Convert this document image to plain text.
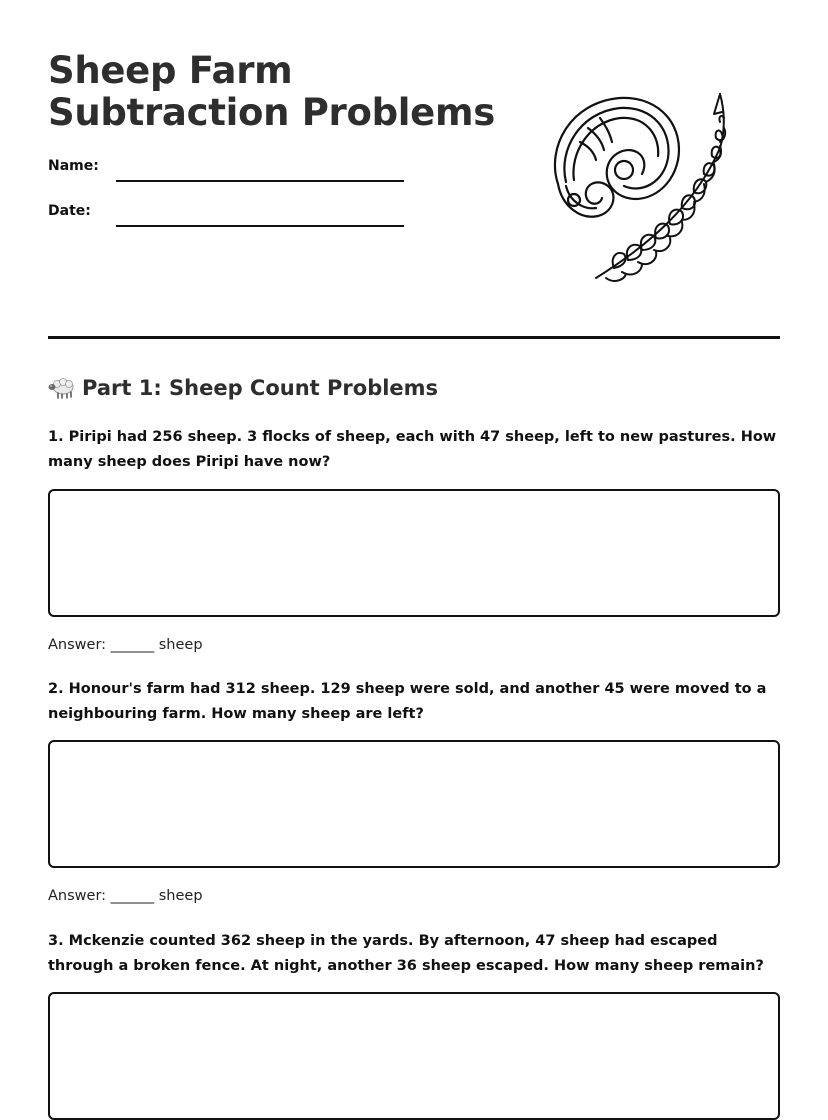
Sheep Farm Subtraction Problems
Name:
Date:
Part 1: Sheep Count Problems

1. Piripi had 256 sheep. 3 flocks of sheep, each with 47 sheep, left to new pastures. How many sheep does Piripi have now?

Answer: ______ sheep

2. Honour's farm had 312 sheep. 129 sheep were sold, and another 45 were moved to a neighbouring farm. How many sheep are left?

Answer: ______ sheep

3. Mckenzie counted 362 sheep in the yards. By afternoon, 47 sheep had escaped through a broken fence. At night, another 36 sheep escaped. How many sheep remain?
